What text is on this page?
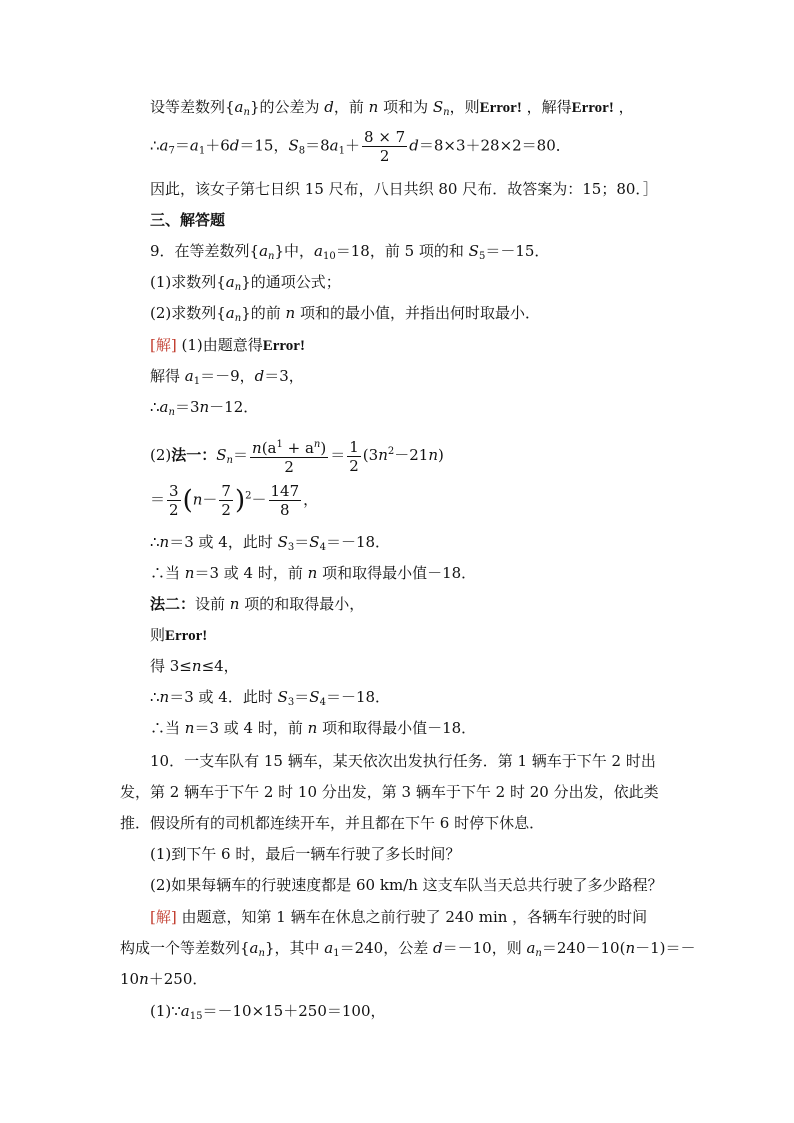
设等差数列$\{a_n\}$的公差为 d，前 n 项和为 $S_n$，则Error! ，解得Error! ，
$\therefore a_7=a_1+6d=15$，$S_8=8a_1+ \frac{8 \times 7}{2} d=8\times 3+28\times 2=80$．
因此，该女子第七日织 15 尺布，八日共织 80 尺布．故答案为：15；80．］
三、解答题
9．在等差数列$\{a_n\}$中，$a_{10}=18$，前 5 项的和 $S_5=-15$．
(1)求数列$\{a_n\}$的通项公式；
(2)求数列$\{a_n\}$的前 n 项和的最小值，并指出何时取最小．
[解] (1)由题意得Error!
解得 $a_1=-9$，d＝3，
$\therefore a_n=3n-12$．
(2)法一：$S_n= \frac{n(a^1 + a^n)}{2} = \frac{1}{2} (3n^2-21n)$
＝ $\frac{3}{2} (n- \frac{7}{2} )^2- \frac{147}{8}$ ，
∴n＝3 或 4，此时 $S_3=S_4=-18$．
∴当 n＝3 或 4 时，前 n 项和取得最小值－18．
法二：设前 n 项的和取得最小，
则Error!
得 3≤n≤4，
∴n＝3 或 4．此时 $S_3=S_4=-18$．
∴当 n＝3 或 4 时，前 n 项和取得最小值－18．
10．一支车队有 15 辆车，某天依次出发执行任务．第 1 辆车于下午 2 时出
发，第 2 辆车于下午 2 时 10 分出发，第 3 辆车于下午 2 时 20 分出发，依此类
推．假设所有的司机都连续开车，并且都在下午 6 时停下休息．
(1)到下午 6 时，最后一辆车行驶了多长时间？
(2)如果每辆车的行驶速度都是 60 km/h 这支车队当天总共行驶了多少路程？
[解] 由题意，知第 1 辆车在休息之前行驶了 240 min ，各辆车行驶的时间
构成一个等差数列$\{a_n\}$，其中 $a_1=240$，公差 d＝－10，则 $a_n=240-10(n-1)=-$
10n＋250．
$(1)\because a_{15}=-10\times 15+250=100$，
